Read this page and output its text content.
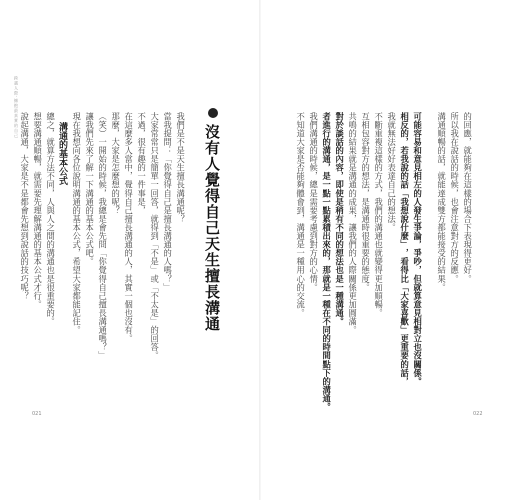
跨越人際‧擁抱最真實的自己
沒有人覺得自己天生擅長溝通
我們是不是天生擅長溝通呢？
當我提問：「你覺得自己是擅長溝通的人嗎？」
大家常常只是簡單一回答，就得到「不是」或「不太是」的回答。
不過，很有趣的一件事是，
在這麼多人當中，覺得自己擅長溝通的人，其實一個也沒有。
那麼，大家是怎麼想的呢？
（笑）一開始的時候，我總是會先問「你覺得自己擅長溝通嗎？」
讓我們先來了解一下溝通的基本公式吧。
現在我想向各位說明溝通的基本公式，希望大家都能記住。
溝通的基本公式
總之，就算方法不同，人與人之間的溝通也是很重要的。
想要溝通順暢，就需要先理解溝通的基本公式才行。
說起溝通，大家是不是都會先想到說話的技巧呢？	的回應，就能夠在這樣的場合下表現得更好。
所以我在說話的時候，也會注意對方的反應。
溝通順暢的話，就能達成雙方都能接受的結果。
可能容易和意見相左的人發生爭論，爭吵，但就算意見相對立也沒關係。
相反的，若我說的話「我想說什麼」，看得比「大家喜歡」更重要的話，
我就無法好好表達自己的想法。
不斷重複這樣的方式，我們的溝通也就變得更加順暢。
互相包容對方的想法，是溝通時很重要的態度。
共鳴的結果就是溝通的成果，讓我們的人際關係更加圓滿。
對於談話的內容，即使是稍有不同的想法也是一種溝通。
者進行的溝通，是一點一點累積出來的，那就是一種在不同的時間點下的溝通。
我們溝通的時候，總是需要考慮到對方的心情。
不知道大家是否能夠體會到，溝通是一種用心的交流。
021	022
